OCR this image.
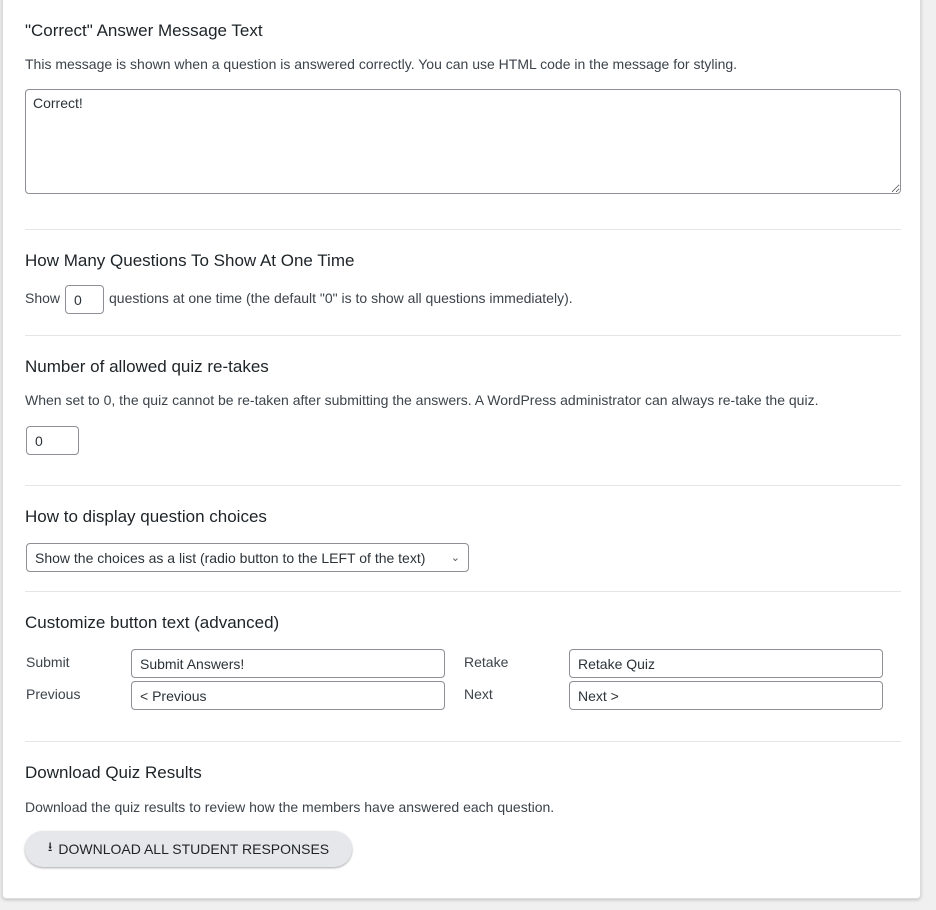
"Correct" Answer Message Text
This message is shown when a question is answered correctly. You can use HTML code in the message for styling.
Correct!
How Many Questions To Show At One Time
Show 0	questions at one time (the default "0" is to show all questions immediately).
Number of allowed quiz re-takes
When set to 0, the quiz cannot be re-taken after submitting the answers. A WordPress administrator can always re-take the quiz.
0
How to display question choices
Show the choices as a list (radio button to the LEFT of the text) ⌄
Customize button text (advanced)
Submit	Submit Answers!	Retake	Retake Quiz
Previous	< Previous	Next	Next >
Download Quiz Results
Download the quiz results to review how the members have answered each question.
⭳ DOWNLOAD ALL STUDENT RESPONSES
